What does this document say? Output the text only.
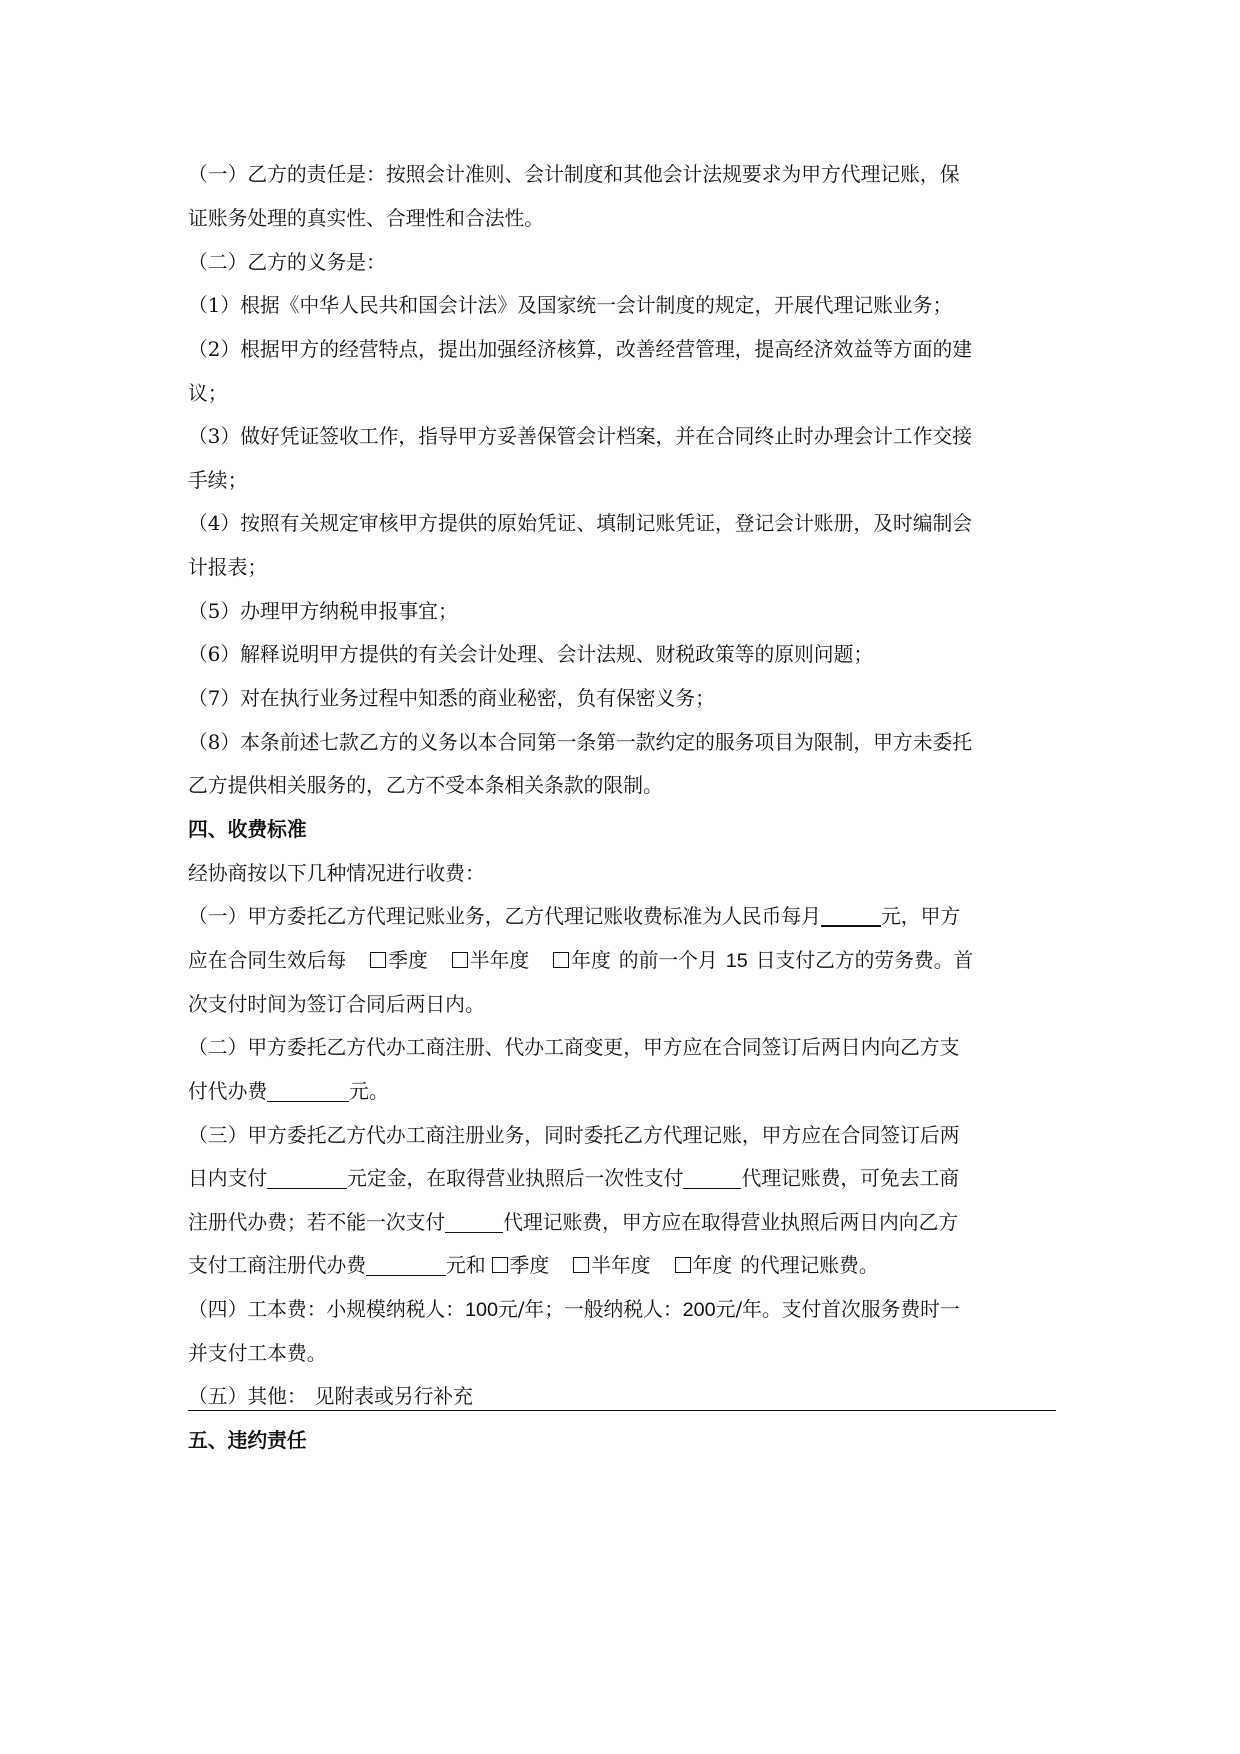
（一）乙方的责任是：按照会计准则、会计制度和其他会计法规要求为甲方代理记账，保
证账务处理的真实性、合理性和合法性。
（二）乙方的义务是：
（1）根据《中华人民共和国会计法》及国家统一会计制度的规定，开展代理记账业务；
（2）根据甲方的经营特点，提出加强经济核算，改善经营管理，提高经济效益等方面的建
议；
（3）做好凭证签收工作，指导甲方妥善保管会计档案，并在合同终止时办理会计工作交接
手续；
（4）按照有关规定审核甲方提供的原始凭证、填制记账凭证，登记会计账册，及时编制会
计报表；
（5）办理甲方纳税申报事宜；
（6）解释说明甲方提供的有关会计处理、会计法规、财税政策等的原则问题；
（7）对在执行业务过程中知悉的商业秘密，负有保密义务；
（8）本条前述七款乙方的义务以本合同第一条第一款约定的服务项目为限制，甲方未委托
乙方提供相关服务的，乙方不受本条相关条款的限制。
四、收费标准
经协商按以下几种情况进行收费：
（一）甲方委托乙方代理记账业务，乙方代理记账收费标准为人民币每月	元，甲方
应在合同生效后每 季度 半年度 年度 的前一个月 15 日支付乙方的劳务费。首
次支付时间为签订合同后两日内。
（二）甲方委托乙方代办工商注册、代办工商变更，甲方应在合同签订后两日内向乙方支
付代办费	元。
（三）甲方委托乙方代办工商注册业务，同时委托乙方代理记账，甲方应在合同签订后两
日内支付	元定金，在取得营业执照后一次性支付	代理记账费，可免去工商
注册代办费；若不能一次支付	代理记账费，甲方应在取得营业执照后两日内向乙方
支付工商注册代办费	元和 季度 半年度 年度 的代理记账费。
（四）工本费：小规模纳税人：100元/年；一般纳税人：200元/年。支付首次服务费时一
并支付工本费。
（五）其他： 见附表或另行补充
五、违约责任
